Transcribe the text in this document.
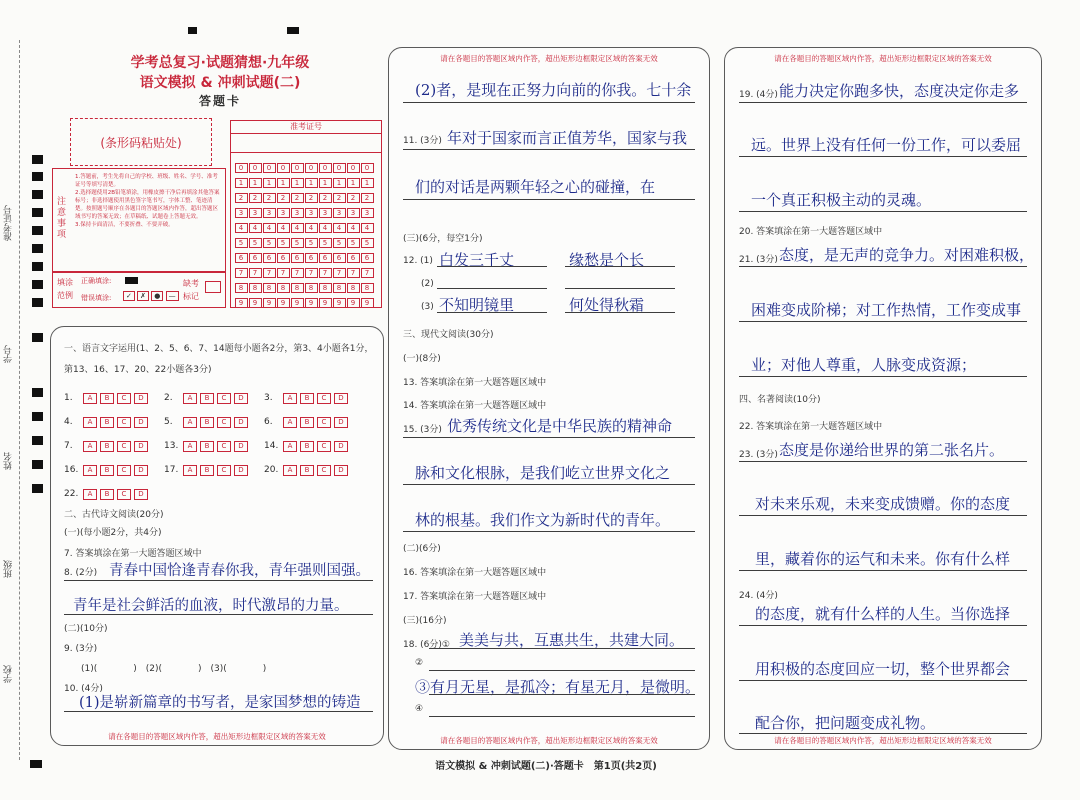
准考证号
学号
姓名
班级
学校
学考总复习·试题猜想·九年级
语文模拟 & 冲刺试题(二)
答题卡
(条形码粘贴处)
注意事项
1.答题前，考生先将自己的学校、班级、姓名、学号、准考证号等填写清楚。
2.选择题使用2B铅笔填涂，用橡皮擦干净后再填涂其他答案标号；非选择题使用黑色签字笔书写，字体工整、笔迹清楚。按照题号顺序在各题目的答题区域内作答，超出答题区域书写的答案无效；在草稿纸、试题卷上答题无效。
3.保持卡面清洁，不要折叠、不要弄破。
填涂范例
正确填涂:
错误填涂:	✓ ✗ ● —
缺考标记
准考证号
0 0 0 0 0 0 0 0 0 0
1 1 1 1 1 1 1 1 1 1
2 2 2 2 2 2 2 2 2 2
3 3 3 3 3 3 3 3 3 3
4 4 4 4 4 4 4 4 4 4
5 5 5 5 5 5 5 5 5 5
6 6 6 6 6 6 6 6 6 6
7 7 7 7 7 7 7 7 7 7
8 8 8 8 8 8 8 8 8 8
9 9 9 9 9 9 9 9 9 9
一、语言文字运用(1、2、5、6、7、14题每小题各2分，第3、4小题各1分，
第13、16、17、20、22小题各3分)
1. A B C D 2. A B C D 3. A B C D
4. A B C D 5. A B C D 6. A B C D
7. A B C D 13. A B C D 14. A B C D
16. A B C D 17. A B C D 20. A B C D
22. A B C D
二、古代诗文阅读(20分)
(一)(每小题2分，共4分)
7. 答案填涂在第一大题答题区域中
8. (2分) 青春中国恰逢青春你我，青年强则国强。
青年是社会鲜活的血液，时代激昂的力量。
(二)(10分)
9. (3分)
(1)(　　　　)　(2)(　　　　)　(3)(　　　　)
10. (4分)
(1)是崭新篇章的书写者，是家国梦想的铸造
请在各题目的答题区域内作答，超出矩形边框限定区域的答案无效
请在各题目的答题区域内作答，超出矩形边框限定区域的答案无效
(2)者，是现在正努力向前的你我。七十余
11. (3分) 年对于国家而言正值芳华，国家与我
们的对话是两颗年轻之心的碰撞，在
(三)(6分，每空1分)
12. (1) 白发三千丈	缘愁是个长
(2)
(3) 不知明镜里	何处得秋霜
三、现代文阅读(30分)
(一)(8分)
13. 答案填涂在第一大题答题区域中
14. 答案填涂在第一大题答题区域中
15. (3分) 优秀传统文化是中华民族的精神命
脉和文化根脉，是我们屹立世界文化之
林的根基。我们作文为新时代的青年。
(二)(6分)
16. 答案填涂在第一大题答题区域中
17. 答案填涂在第一大题答题区域中
(三)(16分)
18. (6分)① 美美与共，互惠共生，共建大同。
②
③有月无星，是孤冷；有星无月，是微明。
④
请在各题目的答题区域内作答，超出矩形边框限定区域的答案无效
请在各题目的答题区域内作答，超出矩形边框限定区域的答案无效
19. (4分) 能力决定你跑多快，态度决定你走多
远。世界上没有任何一份工作，可以委屈
一个真正积极主动的灵魂。
20. 答案填涂在第一大题答题区域中
21. (3分) 态度，是无声的竞争力。对困难积极，
困难变成阶梯；对工作热情，工作变成事
业；对他人尊重，人脉变成资源；
四、名著阅读(10分)
22. 答案填涂在第一大题答题区域中
23. (3分) 态度是你递给世界的第二张名片。
对未来乐观，未来变成馈赠。你的态度
里，藏着你的运气和未来。你有什么样
24. (4分)
的态度，就有什么样的人生。当你选择
用积极的态度回应一切，整个世界都会
配合你，把问题变成礼物。
请在各题目的答题区域内作答，超出矩形边框限定区域的答案无效
语文模拟 & 冲刺试题(二)·答题卡　第1页(共2页)
